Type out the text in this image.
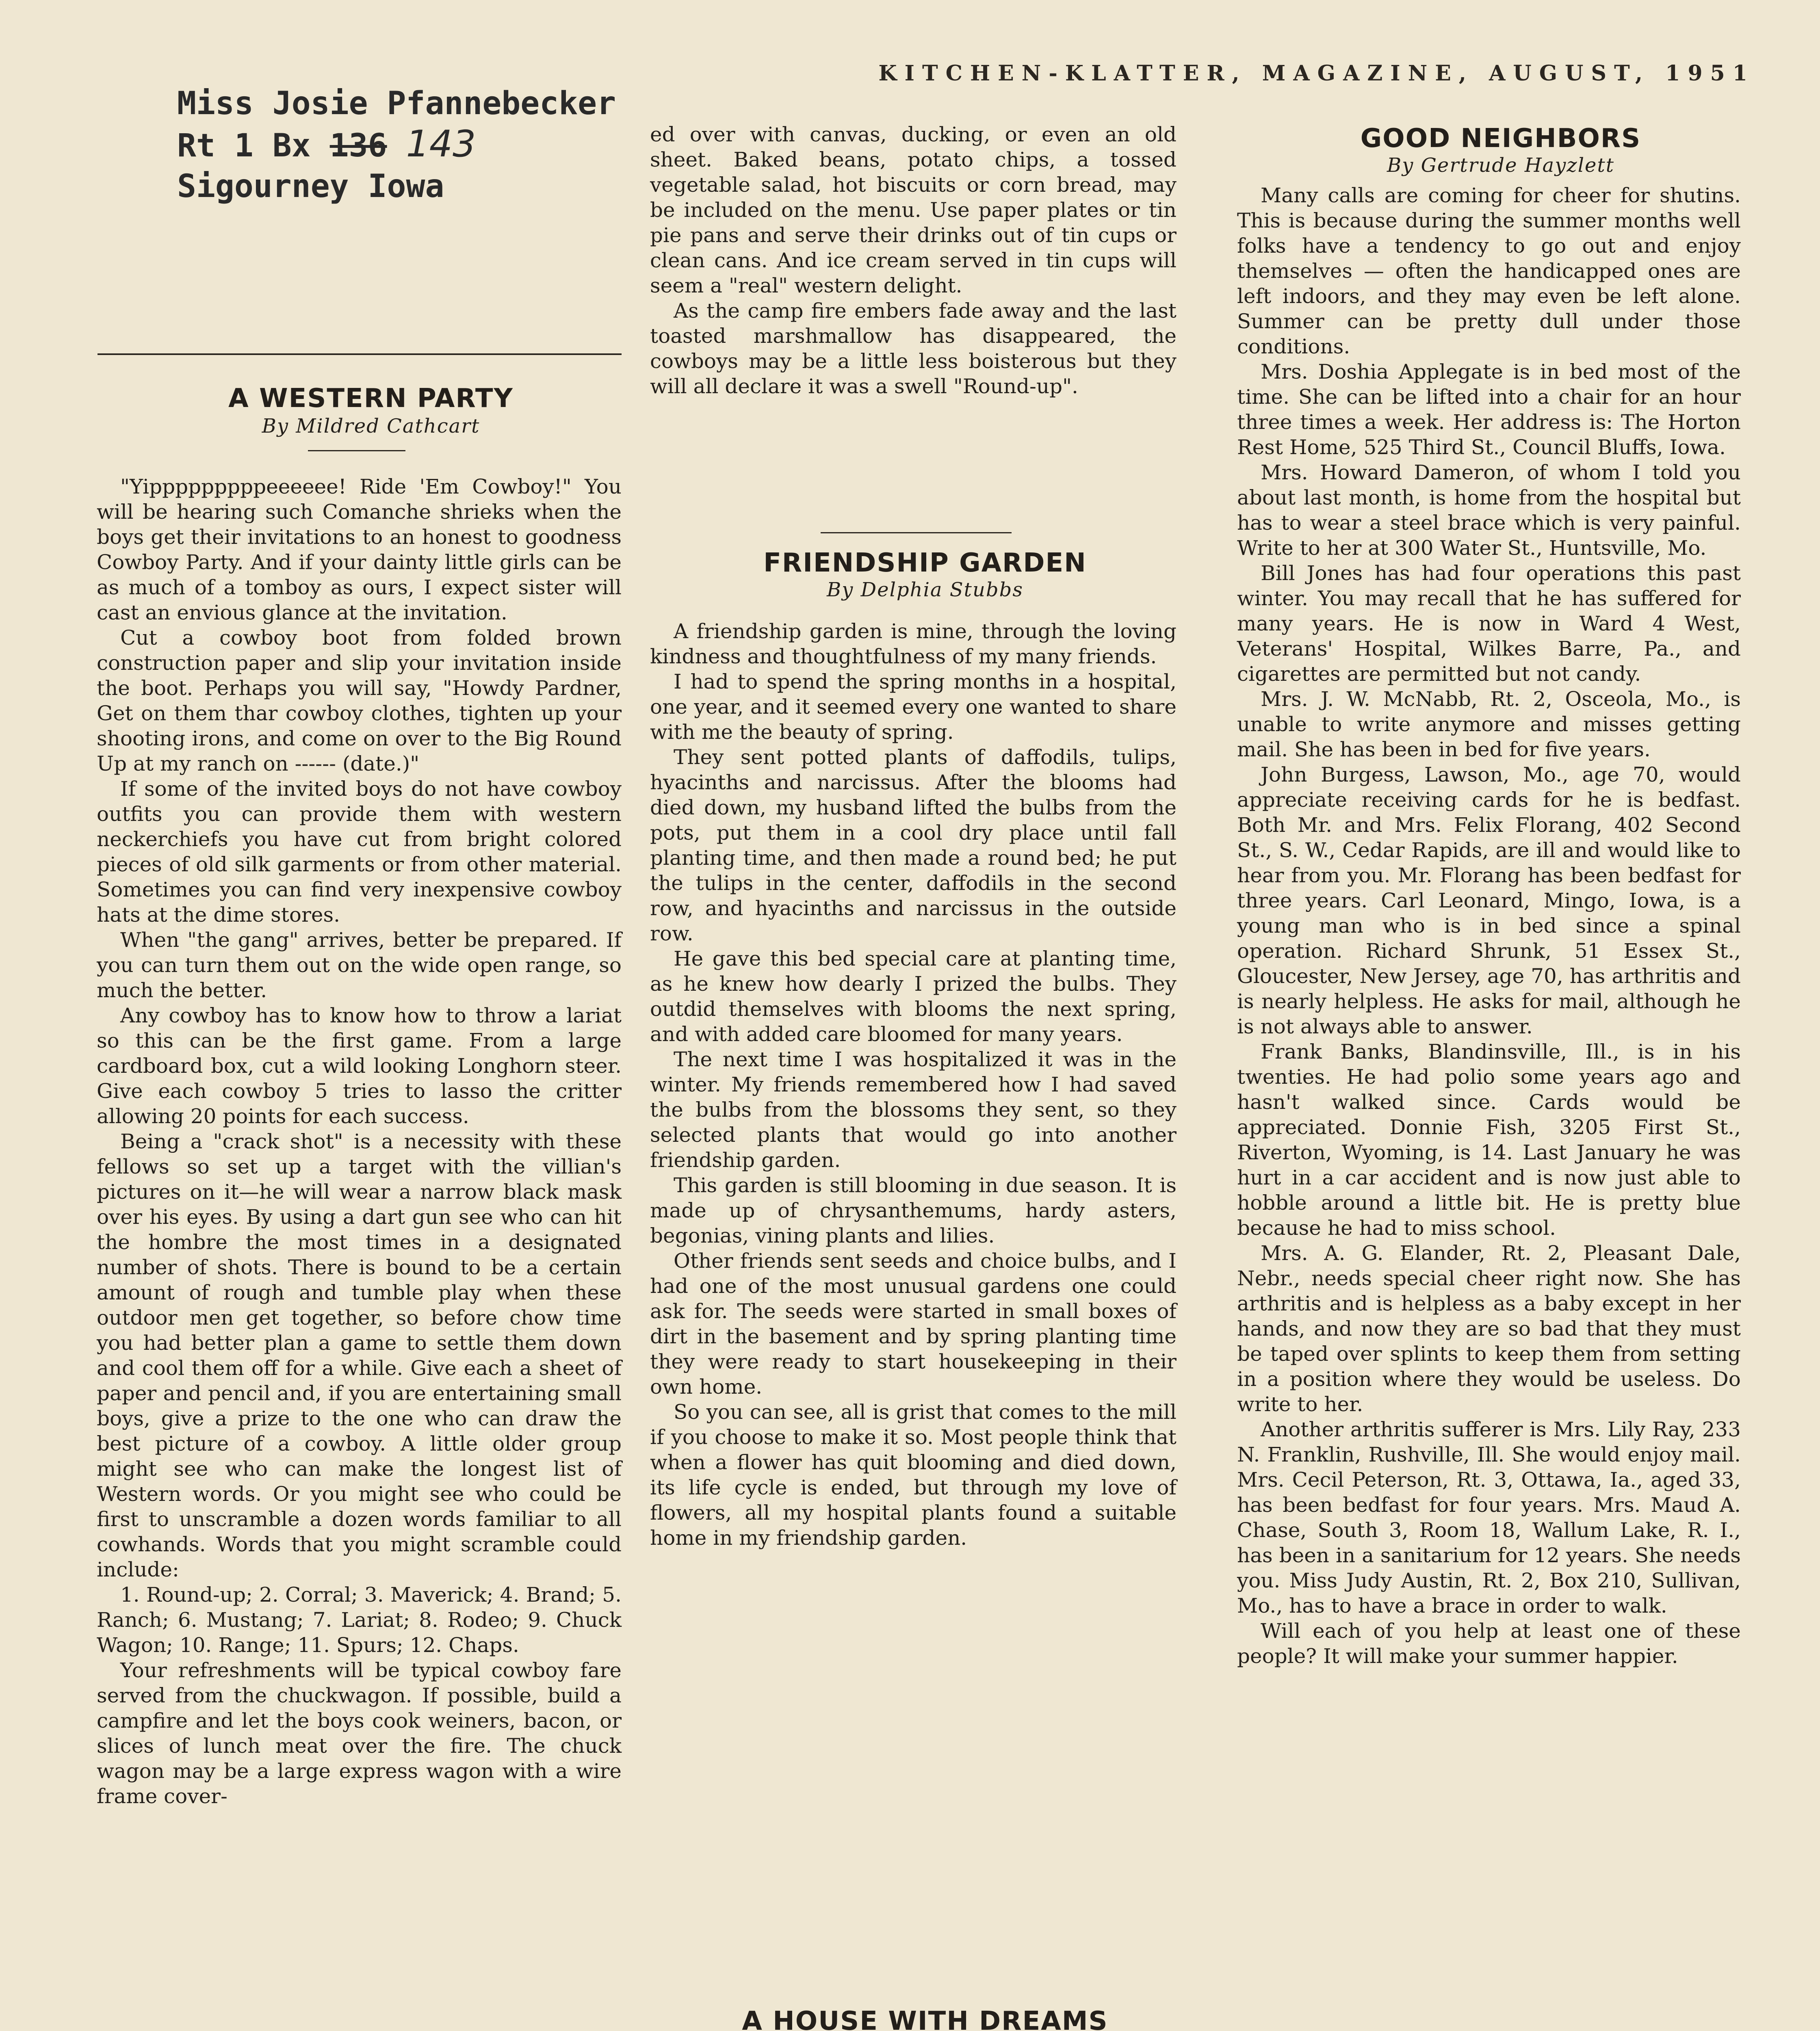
KITCHEN-KLATTER, MAGAZINE, AUGUST, 1951
Miss Josie Pfannebecker
Rt 1 Bx 136 143
Sigourney Iowa

A WESTERN PARTY

By Mildred Cathcart

"Yipppppppppeeeeee! Ride 'Em Cowboy!" You will be hearing such Comanche shrieks when the boys get their invitations to an honest to goodness Cowboy Party. And if your dainty little girls can be as much of a tomboy as ours, I expect sister will cast an envious glance at the invitation.

Cut a cowboy boot from folded brown construction paper and slip your invitation inside the boot. Perhaps you will say, "Howdy Pardner, Get on them thar cowboy clothes, tighten up your shooting irons, and come on over to the Big Round Up at my ranch on ------ (date.)"

If some of the invited boys do not have cowboy outfits you can provide them with western neckerchiefs you have cut from bright colored pieces of old silk garments or from other material. Sometimes you can find very inexpensive cowboy hats at the dime stores.

When "the gang" arrives, better be prepared. If you can turn them out on the wide open range, so much the better.

Any cowboy has to know how to throw a lariat so this can be the first game. From a large cardboard box, cut a wild looking Longhorn steer. Give each cowboy 5 tries to lasso the critter allowing 20 points for each success.

Being a "crack shot" is a necessity with these fellows so set up a target with the villian's pictures on it—he will wear a narrow black mask over his eyes. By using a dart gun see who can hit the hombre the most times in a designated number of shots. There is bound to be a certain amount of rough and tumble play when these outdoor men get together, so before chow time you had better plan a game to settle them down and cool them off for a while. Give each a sheet of paper and pencil and, if you are entertaining small boys, give a prize to the one who can draw the best picture of a cowboy. A little older group might see who can make the longest list of Western words. Or you might see who could be first to unscramble a dozen words familiar to all cowhands. Words that you might scramble could include:

1. Round-up; 2. Corral; 3. Maverick; 4. Brand; 5. Ranch; 6. Mustang; 7. Lariat; 8. Rodeo; 9. Chuck Wagon; 10. Range; 11. Spurs; 12. Chaps.

Your refreshments will be typical cowboy fare served from the chuckwagon. If possible, build a campfire and let the boys cook weiners, bacon, or slices of lunch meat over the fire. The chuck wagon may be a large express wagon with a wire frame cover-

ed over with canvas, ducking, or even an old sheet. Baked beans, potato chips, a tossed vegetable salad, hot biscuits or corn bread, may be included on the menu. Use paper plates or tin pie pans and serve their drinks out of tin cups or clean cans. And ice cream served in tin cups will seem a "real" western delight.

As the camp fire embers fade away and the last toasted marshmallow has disappeared, the cowboys may be a little less boisterous but they will all declare it was a swell "Round-up".

FRIENDSHIP GARDEN

By Delphia Stubbs

A friendship garden is mine, through the loving kindness and thoughtfulness of my many friends.

I had to spend the spring months in a hospital, one year, and it seemed every one wanted to share with me the beauty of spring.

They sent potted plants of daffodils, tulips, hyacinths and narcissus. After the blooms had died down, my husband lifted the bulbs from the pots, put them in a cool dry place until fall planting time, and then made a round bed; he put the tulips in the center, daffodils in the second row, and hyacinths and narcissus in the outside row.

He gave this bed special care at planting time, as he knew how dearly I prized the bulbs. They outdid themselves with blooms the next spring, and with added care bloomed for many years.

The next time I was hospitalized it was in the winter. My friends remembered how I had saved the bulbs from the blossoms they sent, so they selected plants that would go into another friendship garden.

This garden is still blooming in due season. It is made up of chrysanthemums, hardy asters, begonias, vining plants and lilies.

Other friends sent seeds and choice bulbs, and I had one of the most unusual gardens one could ask for. The seeds were started in small boxes of dirt in the basement and by spring planting time they were ready to start housekeeping in their own home.

So you can see, all is grist that comes to the mill if you choose to make it so. Most people think that when a flower has quit blooming and died down, its life cycle is ended, but through my love of flowers, all my hospital plants found a suitable home in my friendship garden.

A HOUSE WITH DREAMS

GOOD NEIGHBORS

By Gertrude Hayzlett

Many calls are coming for cheer for shutins. This is because during the summer months well folks have a tendency to go out and enjoy themselves — often the handicapped ones are left indoors, and they may even be left alone. Summer can be pretty dull under those conditions.

Mrs. Doshia Applegate is in bed most of the time. She can be lifted into a chair for an hour three times a week. Her address is: The Horton Rest Home, 525 Third St., Council Bluffs, Iowa.

Mrs. Howard Dameron, of whom I told you about last month, is home from the hospital but has to wear a steel brace which is very painful. Write to her at 300 Water St., Huntsville, Mo.

Bill Jones has had four operations this past winter. You may recall that he has suffered for many years. He is now in Ward 4 West, Veterans' Hospital, Wilkes Barre, Pa., and cigarettes are permitted but not candy.

Mrs. J. W. McNabb, Rt. 2, Osceola, Mo., is unable to write anymore and misses getting mail. She has been in bed for five years.

John Burgess, Lawson, Mo., age 70, would appreciate receiving cards for he is bedfast. Both Mr. and Mrs. Felix Florang, 402 Second St., S. W., Cedar Rapids, are ill and would like to hear from you. Mr. Florang has been bedfast for three years. Carl Leonard, Mingo, Iowa, is a young man who is in bed since a spinal operation. Richard Shrunk, 51 Essex St., Gloucester, New Jersey, age 70, has arthritis and is nearly helpless. He asks for mail, although he is not always able to answer.

Frank Banks, Blandinsville, Ill., is in his twenties. He had polio some years ago and hasn't walked since. Cards would be appreciated. Donnie Fish, 3205 First St., Riverton, Wyoming, is 14. Last January he was hurt in a car accident and is now just able to hobble around a little bit. He is pretty blue because he had to miss school.

Mrs. A. G. Elander, Rt. 2, Pleasant Dale, Nebr., needs special cheer right now. She has arthritis and is helpless as a baby except in her hands, and now they are so bad that they must be taped over splints to keep them from setting in a position where they would be useless. Do write to her.

Another arthritis sufferer is Mrs. Lily Ray, 233 N. Franklin, Rushville, Ill. She would enjoy mail. Mrs. Cecil Peterson, Rt. 3, Ottawa, Ia., aged 33, has been bedfast for four years. Mrs. Maud A. Chase, South 3, Room 18, Wallum Lake, R. I., has been in a sanitarium for 12 years. She needs you. Miss Judy Austin, Rt. 2, Box 210, Sullivan, Mo., has to have a brace in order to walk.

Will each of you help at least one of these people? It will make your summer happier.
